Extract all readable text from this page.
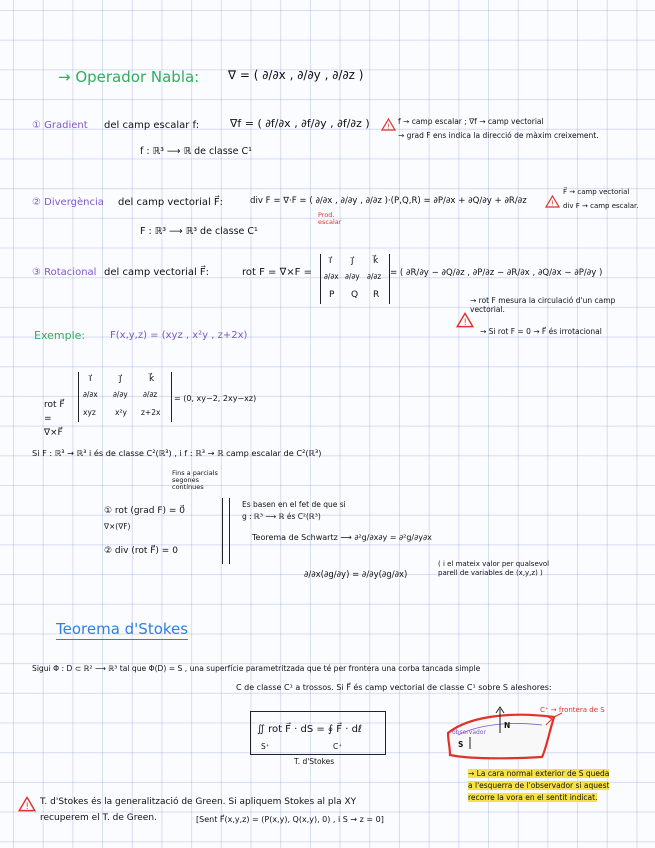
→ Operador Nabla: ∇ = ( ∂/∂x , ∂/∂y , ∂/∂z )
① Gradient del camp escalar f:	∇f = ( ∂f/∂x , ∂f/∂y , ∂f/∂z )	!
f → camp escalar ; ∇f → camp vectorial
→ grad F ens indica la direcció de màxim creixement.
f : ℝ³ ⟶ ℝ de classe C¹
② Divergència del camp vectorial F⃗:	div F = ∇·F = ( ∂/∂x , ∂/∂y , ∂/∂z )·(P,Q,R) = ∂P/∂x + ∂Q/∂y + ∂R/∂z
Prod. escalar
!
F⃗ → camp vectorial
div F → camp escalar.
F : ℝ³ ⟶ ℝ³ de classe C¹
③ Rotacional del camp vectorial F⃗:	rot F = ∇×F =
i⃗ j⃗ k⃗
∂/∂x ∂/∂y ∂/∂z
P Q R
= ( ∂R/∂y − ∂Q/∂z , ∂P/∂z − ∂R/∂x , ∂Q/∂x − ∂P/∂y )
!
→ rot F mesura la circulació d'un camp vectorial.
→ Si rot F = 0 → F⃗ és irrotacional
Exemple: F(x,y,z) = (xyz , x²y , z+2x)
rot F⃗ = ∇×F⃗
i⃗	j⃗	k⃗
∂/∂x ∂/∂y ∂/∂z
xyz	x²y z+2x
= (0, xy−2, 2xy−xz)
Si F : ℝ³ → ℝ³ i és de classe C²(ℝ³) , i f : ℝ³ → ℝ camp escalar de C²(ℝ³)
Fins a parcials segones contínues
① rot (grad F) = 0⃗
∇×(∇F)
② div (rot F⃗) = 0
Es basen en el fet de que si
g : ℝ³ ⟶ ℝ és C²(ℝ³)
Teorema de Schwartz ⟶ ∂²g/∂x∂y = ∂²g/∂y∂x
∂/∂x(∂g/∂y) = ∂/∂y(∂g/∂x)
( i el mateix valor per qualsevol parell de variables de (x,y,z) )
Teorema d'Stokes
Sigui Φ : D ⊂ ℝ² ⟶ ℝ³ tal que Φ(D) = S , una superfície parametritzada que té per frontera una corba tancada simple
C de classe C¹ a trossos. Si F⃗ és camp vectorial de classe C¹ sobre S aleshores:
∬ rot F⃗ · dS = ∮ F⃗ · dℓ
S⁺	C⁺
T. d'Stokes
C⁺ → frontera de S
N
S
observador
→ La cara normal exterior de S queda
a l'esquerra de l'observador si aquest
recorre la vora en el sentit indicat.
! T. d'Stokes és la generalització de Green. Si apliquem Stokes al pla XY
recuperem el T. de Green.	[Sent F⃗(x,y,z) = (P(x,y), Q(x,y), 0) , i S → z = 0]
